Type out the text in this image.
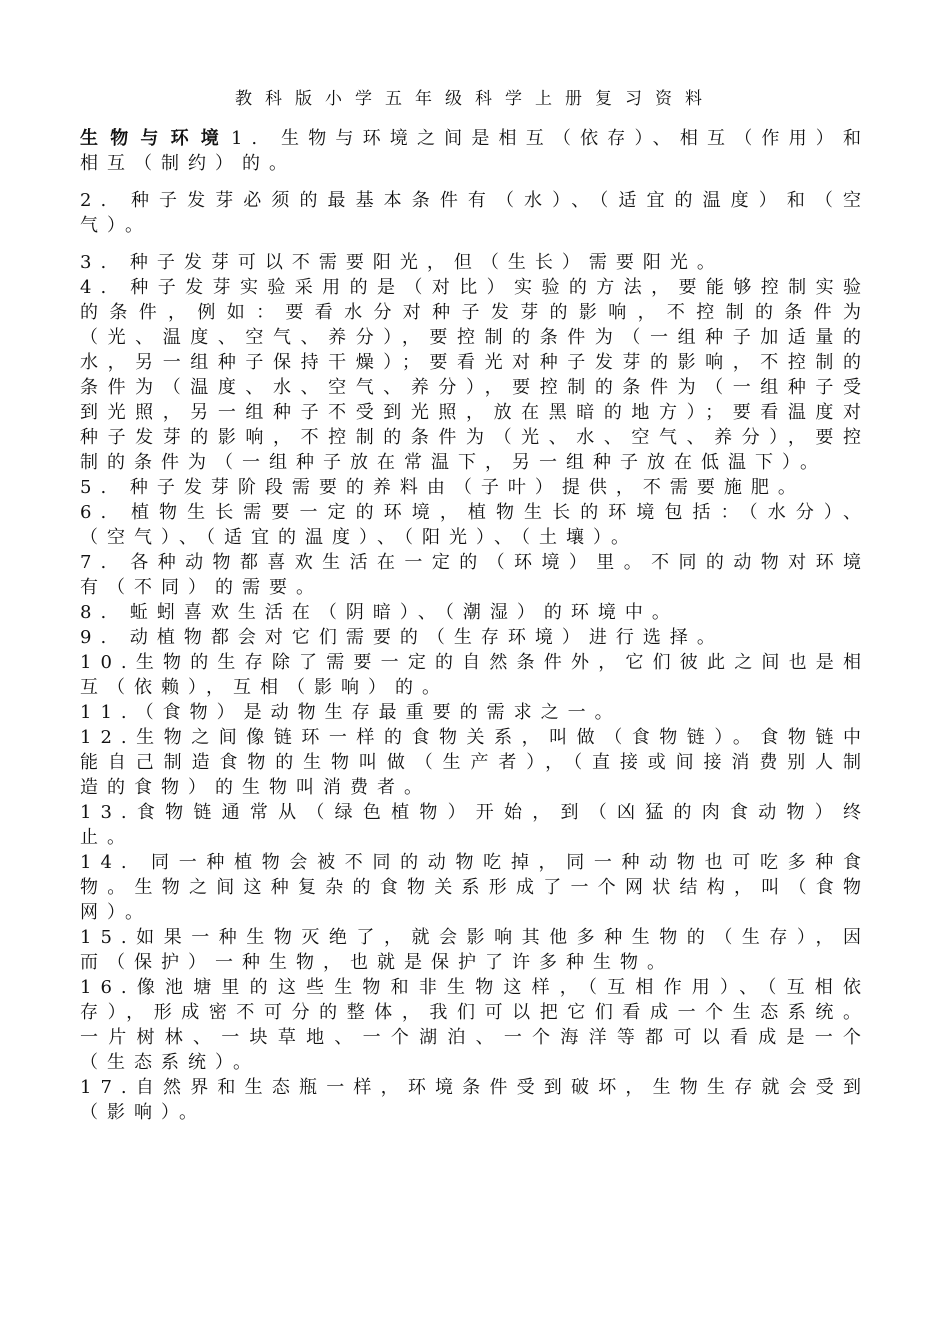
教科版小学五年级科学上册复习资料

生物与环境1. 生物与环境之间是相互（依存）、相互（作用）和相互（制约）的。

2. 种子发芽必须的最基本条件有（水）、（适宜的温度）和（空气）。

3. 种子发芽可以不需要阳光，但（生长）需要阳光。

4. 种子发芽实验采用的是（对比）实验的方法，要能够控制实验的条件，例如：要看水分对种子发芽的影响，不控制的条件为（光、温度、空气、养分），要控制的条件为（一组种子加适量的水，另一组种子保持干燥）；要看光对种子发芽的影响，不控制的条件为（温度、水、空气、养分），要控制的条件为（一组种子受到光照，另一组种子不受到光照，放在黑暗的地方）；要看温度对种子发芽的影响，不控制的条件为（光、水、空气、养分），要控制的条件为（一组种子放在常温下，另一组种子放在低温下）。

5. 种子发芽阶段需要的养料由（子叶）提供，不需要施肥。

6. 植物生长需要一定的环境，植物生长的环境包括：（水分）、（空气）、（适宜的温度）、（阳光）、（土壤）。

7. 各种动物都喜欢生活在一定的（环境）里。不同的动物对环境有（不同）的需要。

8. 蚯蚓喜欢生活在（阴暗）、（潮湿）的环境中。

9. 动植物都会对它们需要的（生存环境）进行选择。

10.生物的生存除了需要一定的自然条件外，它们彼此之间也是相互（依赖），互相（影响）的。

11.（食物）是动物生存最重要的需求之一。

12.生物之间像链环一样的食物关系，叫做（食物链）。食物链中能自己制造食物的生物叫做（生产者），（直接或间接消费别人制造的食物）的生物叫消费者。

13.食物链通常从（绿色植物）开始，到（凶猛的肉食动物）终止。

14. 同一种植物会被不同的动物吃掉，同一种动物也可吃多种食物。生物之间这种复杂的食物关系形成了一个网状结构，叫（食物网）。

15.如果一种生物灭绝了，就会影响其他多种生物的（生存），因而（保护）一种生物，也就是保护了许多种生物。

16.像池塘里的这些生物和非生物这样，（互相作用）、（互相依存），形成密不可分的整体，我们可以把它们看成一个生态系统。一片树林、一块草地、一个湖泊、一个海洋等都可以看成是一个（生态系统）。

17.自然界和生态瓶一样，环境条件受到破坏，生物生存就会受到（影响）。
